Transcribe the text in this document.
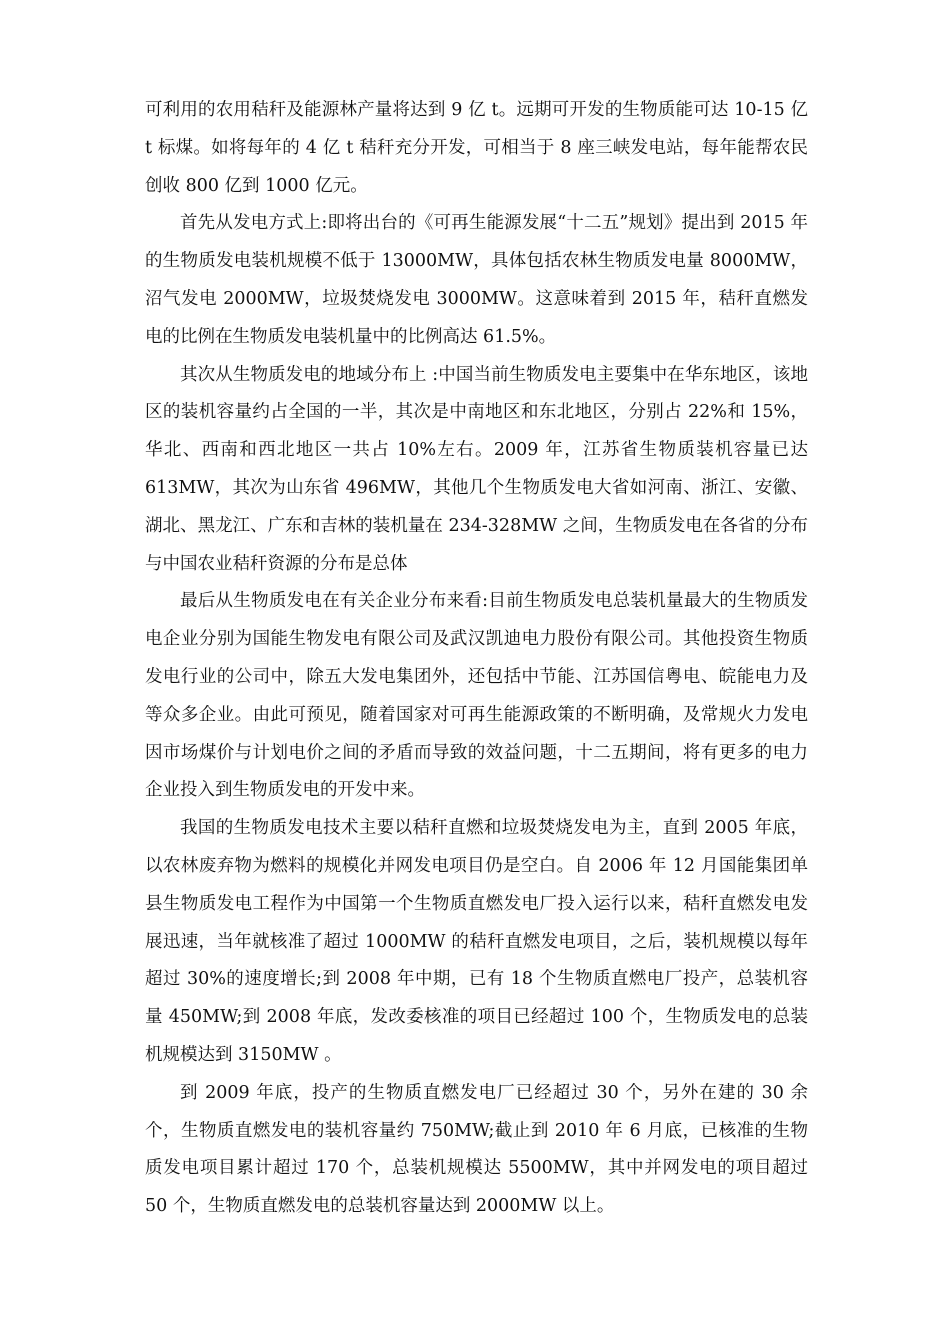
可利用的农用秸秆及能源林产量将达到 9 亿 t。远期可开发的生物质能可达 10-15 亿 t 标煤。如将每年的 4 亿 t 秸秆充分开发，可相当于 8 座三峡发电站，每年能帮农民创收 800 亿到 1000 亿元。

首先从发电方式上:即将出台的《可再生能源发展“十二五”规划》提出到 2015 年的生物质发电装机规模不低于 13000MW，具体包括农林生物质发电量 8000MW，沼气发电 2000MW，垃圾焚烧发电 3000MW。这意味着到 2015 年，秸秆直燃发电的比例在生物质发电装机量中的比例高达 61.5%。

其次从生物质发电的地域分布上 :中国当前生物质发电主要集中在华东地区，该地区的装机容量约占全国的一半，其次是中南地区和东北地区，分别占 22%和 15%，华北、西南和西北地区一共占 10%左右。2009 年，江苏省生物质装机容量已达 613MW，其次为山东省 496MW，其他几个生物质发电大省如河南、浙江、安徽、湖北、黑龙江、广东和吉林的装机量在 234-328MW 之间，生物质发电在各省的分布与中国农业秸秆资源的分布是总体

最后从生物质发电在有关企业分布来看:目前生物质发电总装机量最大的生物质发电企业分别为国能生物发电有限公司及武汉凯迪电力股份有限公司。其他投资生物质发电行业的公司中，除五大发电集团外，还包括中节能、江苏国信粤电、皖能电力及等众多企业。由此可预见，随着国家对可再生能源政策的不断明确，及常规火力发电因市场煤价与计划电价之间的矛盾而导致的效益问题，十二五期间，将有更多的电力企业投入到生物质发电的开发中来。

我国的生物质发电技术主要以秸秆直燃和垃圾焚烧发电为主，直到 2005 年底，以农林废弃物为燃料的规模化并网发电项目仍是空白。自 2006 年 12 月国能集团单县生物质发电工程作为中国第一个生物质直燃发电厂投入运行以来，秸秆直燃发电发展迅速，当年就核准了超过 1000MW 的秸秆直燃发电项目，之后，装机规模以每年超过 30%的速度增长;到 2008 年中期，已有 18 个生物质直燃电厂投产，总装机容量 450MW;到 2008 年底，发改委核准的项目已经超过 100 个，生物质发电的总装机规模达到 3150MW 。

到 2009 年底，投产的生物质直燃发电厂已经超过 30 个，另外在建的 30 余个，生物质直燃发电的装机容量约 750MW;截止到 2010 年 6 月底，已核准的生物质发电项目累计超过 170 个，总装机规模达 5500MW，其中并网发电的项目超过 50 个，生物质直燃发电的总装机容量达到 2000MW 以上。
